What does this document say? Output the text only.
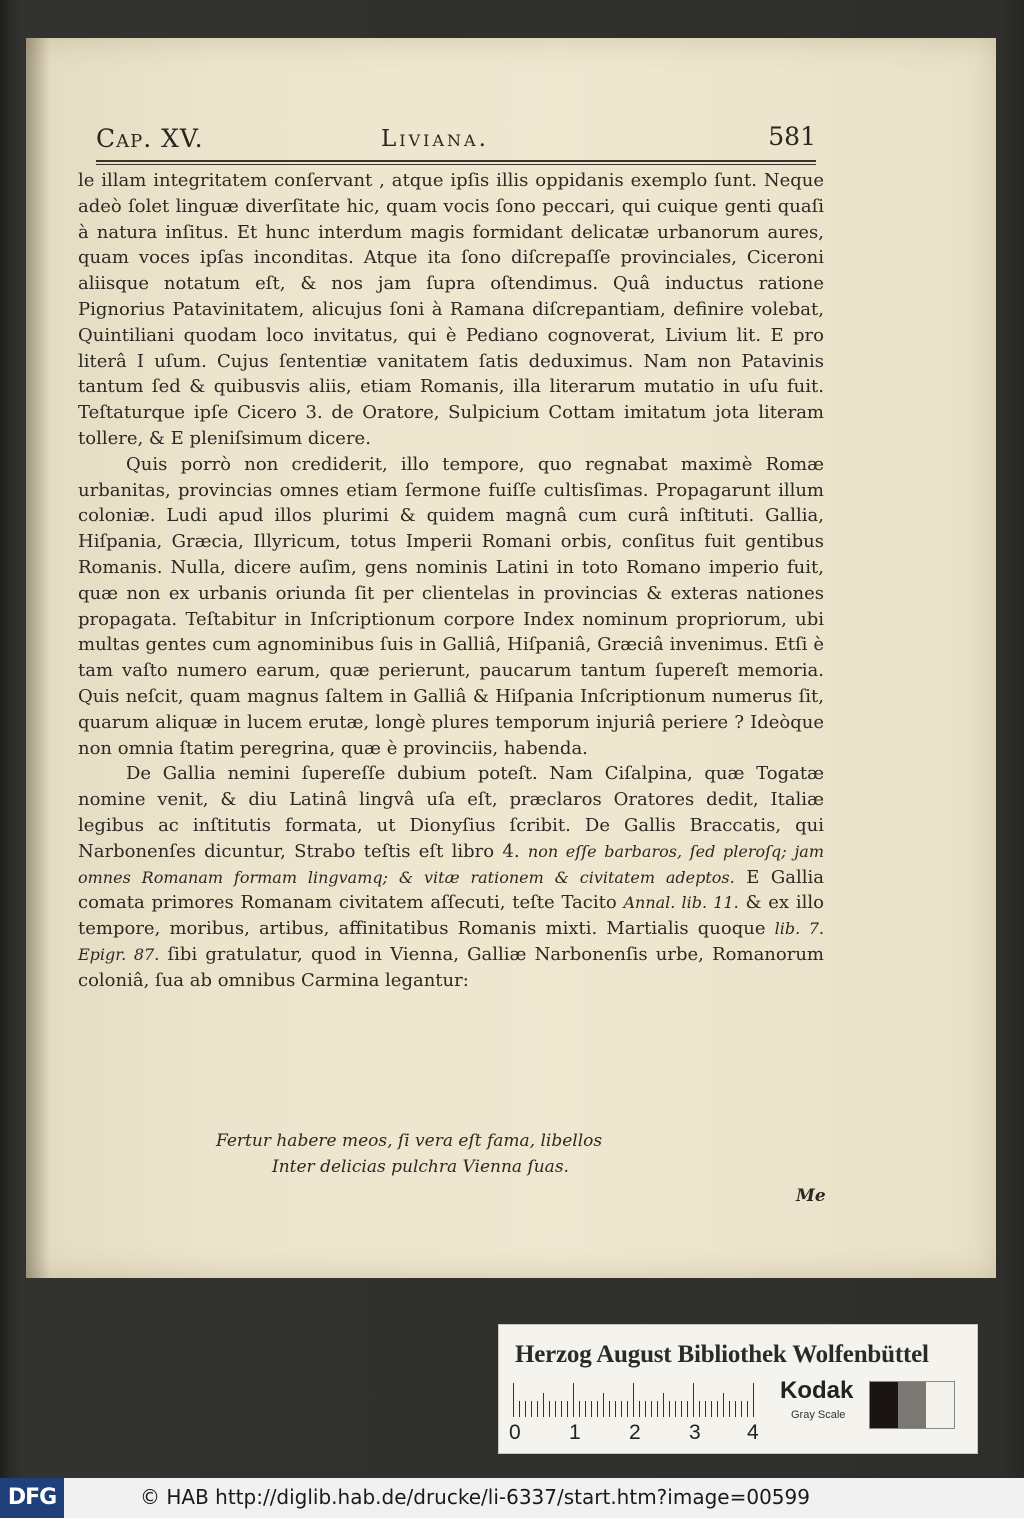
Cap. XV.	Liviana.	581

le illam integritatem conſervant , atque ipſis illis oppidanis exemplo ſunt. Neque adeò ſolet linguæ diverſitate hic, quam vocis ſono peccari, qui cuique genti quaſi à natura inſitus. Et hunc interdum magis formidant delicatæ urbanorum aures, quam voces ipſas inconditas. Atque ita ſono diſcrepaſſe provinciales, Ciceroni aliisque notatum eſt, & nos jam ſupra oſtendimus. Quâ inductus ratione Pignorius Patavinitatem, alicujus ſoni à Ramana diſcrepantiam, definire volebat, Quintiliani quodam loco invitatus, qui è Pediano cognoverat, Livium lit. E pro literâ I uſum. Cujus ſententiæ vanitatem ſatis deduximus. Nam non Patavinis tantum ſed & quibusvis aliis, etiam Romanis, illa literarum mutatio in uſu fuit. Teſtaturque ipſe Cicero 3. de Oratore, Sulpicium Cottam imitatum jota literam tollere, & E pleniſsimum dicere.

Quis porrò non crediderit, illo tempore, quo regnabat maximè Romæ urbanitas, provincias omnes etiam ſermone fuiſſe cultisſimas. Propagarunt illum coloniæ. Ludi apud illos plurimi & quidem magnâ cum curâ inſtituti. Gallia, Hiſpania, Græcia, Illyricum, totus Imperii Romani orbis, conſitus fuit gentibus Romanis. Nulla, dicere auſim, gens nominis Latini in toto Romano imperio fuit, quæ non ex urbanis oriunda ſit per clientelas in provincias & exteras nationes propagata. Teſtabitur in Inſcriptionum corpore Index nominum propriorum, ubi multas gentes cum agnominibus ſuis in Galliâ, Hiſpaniâ, Græciâ invenimus. Etſi è tam vaſto numero earum, quæ perierunt, paucarum tantum ſupereſt memoria. Quis neſcit, quam magnus ſaltem in Galliâ & Hiſpania Inſcriptionum numerus ſit, quarum aliquæ in lucem erutæ, longè plures temporum injuriâ periere ? Ideòque non omnia ſtatim peregrina, quæ è provinciis, habenda.

De Gallia nemini ſupereſſe dubium poteſt. Nam Ciſalpina, quæ Togatæ nomine venit, & diu Latinâ lingvâ uſa eſt, præclaros Oratores dedit, Italiæ legibus ac inſtitutis formata, ut Dionyſius ſcribit. De Gallis Braccatis, qui Narbonenſes dicuntur, Strabo teſtis eſt libro 4. non eſſe barbaros, ſed pleroſq; jam omnes Romanam formam lingvamq; & vitæ rationem & civitatem adeptos. E Gallia comata primores Romanam civitatem aſſecuti, teſte Tacito Annal. lib. 11. & ex illo tempore, moribus, artibus, affinitatibus Romanis mixti. Martialis quoque lib. 7. Epigr. 87. ſibi gratulatur, quod in Vienna, Galliæ Narbonenſis urbe, Romanorum coloniâ, ſua ab omnibus Carmina legantur:

Fertur habere meos, ſi vera eſt fama, libellos
Inter delicias pulchra Vienna ſuas.
Me
Herzog August Bibliothek Wolfenbüttel
0 1 2 3 4
Kodak
Gray Scale
DFG	© HAB http://diglib.hab.de/drucke/li-6337/start.htm?image=00599
